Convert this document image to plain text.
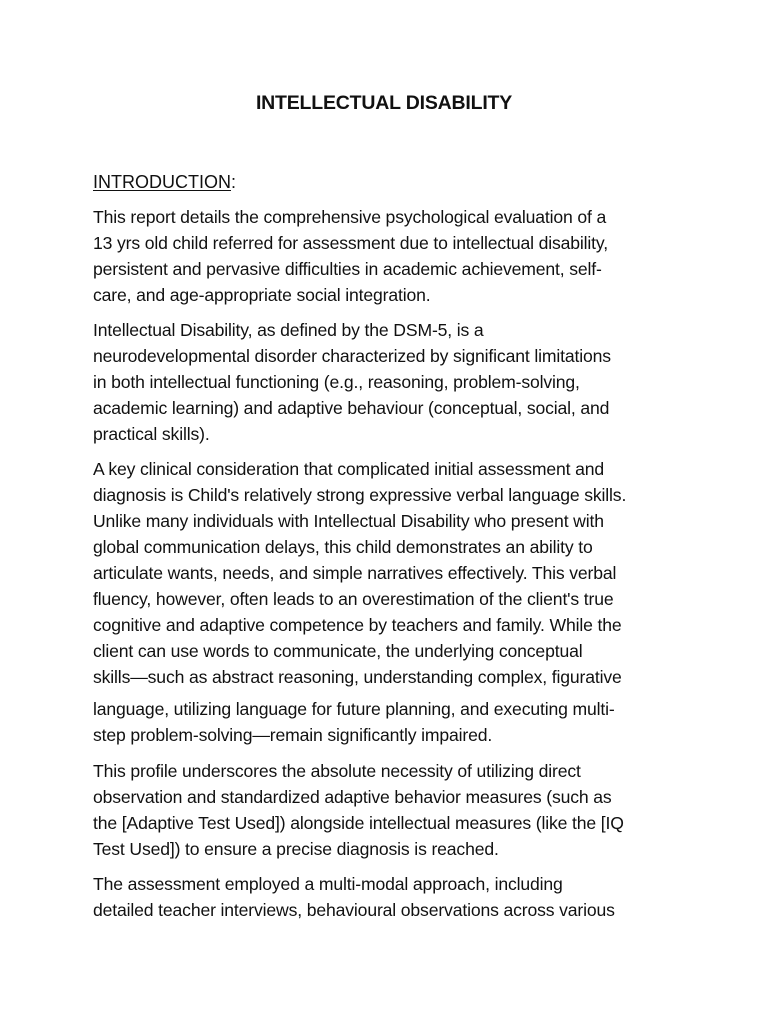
INTELLECTUAL DISABILITY

INTRODUCTION:

This report details the comprehensive psychological evaluation of a
13 yrs old child referred for assessment due to intellectual disability,
persistent and pervasive difficulties in academic achievement, self-
care, and age-appropriate social integration.

Intellectual Disability, as defined by the DSM-5, is a
neurodevelopmental disorder characterized by significant limitations
in both intellectual functioning (e.g., reasoning, problem-solving,
academic learning) and adaptive behaviour (conceptual, social, and
practical skills).

A key clinical consideration that complicated initial assessment and
diagnosis is Child's relatively strong expressive verbal language skills.
Unlike many individuals with Intellectual Disability who present with
global communication delays, this child demonstrates an ability to
articulate wants, needs, and simple narratives effectively. This verbal
fluency, however, often leads to an overestimation of the client's true
cognitive and adaptive competence by teachers and family. While the
client can use words to communicate, the underlying conceptual
skills—such as abstract reasoning, understanding complex, figurative

language, utilizing language for future planning, and executing multi-
step problem-solving—remain significantly impaired.

This profile underscores the absolute necessity of utilizing direct
observation and standardized adaptive behavior measures (such as
the [Adaptive Test Used]) alongside intellectual measures (like the [IQ
Test Used]) to ensure a precise diagnosis is reached.

The assessment employed a multi-modal approach, including
detailed teacher interviews, behavioural observations across various
